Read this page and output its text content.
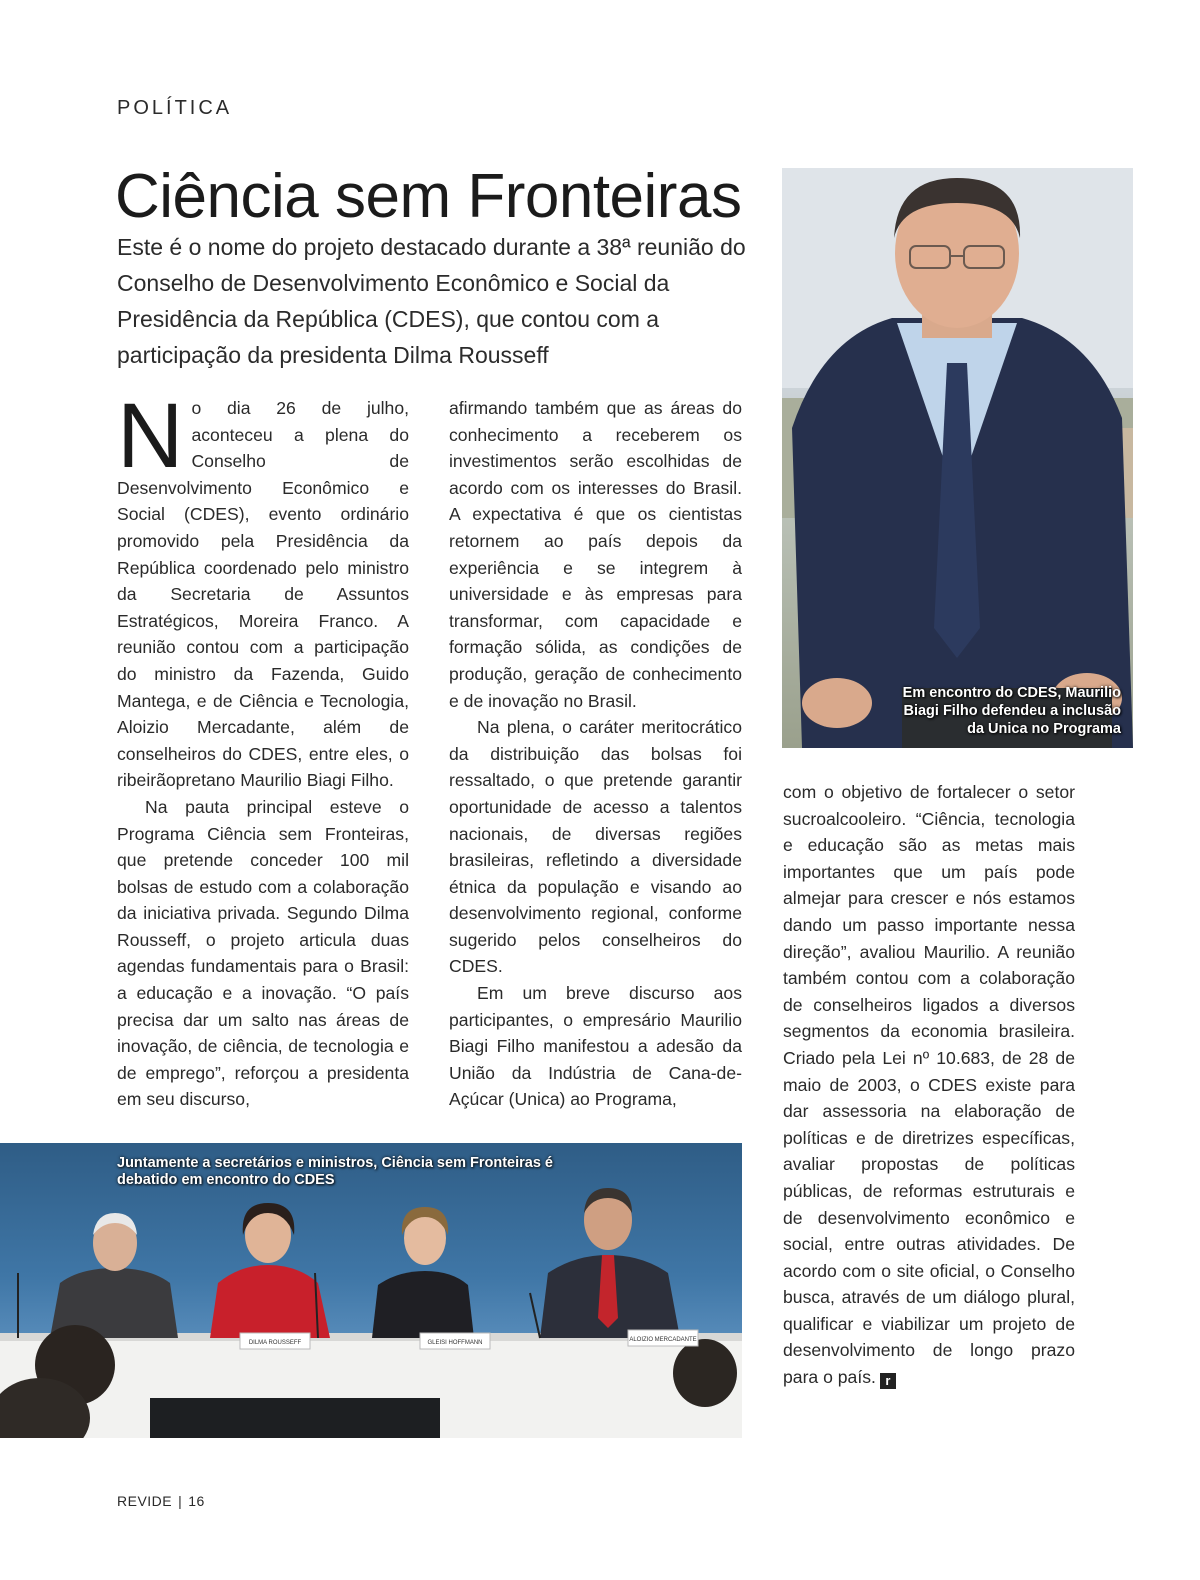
POLÍTICA
Ciência sem Fronteiras

Este é o nome do projeto destacado durante a 38ª reunião do Conselho de Desenvolvimento Econômico e Social da Presidência da República (CDES), que contou com a participação da presidenta Dilma Rousseff

No dia 26 de julho, aconteceu a plena do Conselho de Desenvolvimento Econômico e Social (CDES), evento ordinário promovido pela Presidência da República coordenado pelo ministro da Secretaria de Assuntos Estratégicos, Moreira Franco. A reunião contou com a participação do ministro da Fazenda, Guido Mantega, e de Ciência e Tecnologia, Aloizio Mercadante, além de conselheiros do CDES, entre eles, o ribeirãopretano Maurilio Biagi Filho.

Na pauta principal esteve o Programa Ciência sem Fronteiras, que pretende conceder 100 mil bolsas de estudo com a colaboração da iniciativa privada. Segundo Dilma Rousseff, o projeto articula duas agendas fundamentais para o Brasil: a educação e a inovação. “O país precisa dar um salto nas áreas de inovação, de ciência, de tecnologia e de emprego”, reforçou a presidenta em seu discurso,

afirmando também que as áreas do conhecimento a receberem os investimentos serão escolhidas de acordo com os interesses do Brasil. A expectativa é que os cientistas retornem ao país depois da experiência e se integrem à universidade e às empresas para transformar, com capacidade e formação sólida, as condições de produção, geração de conhecimento e de inovação no Brasil.

Na plena, o caráter meritocrático da distribuição das bolsas foi ressaltado, o que pretende garantir oportunidade de acesso a talentos nacionais, de diversas regiões brasileiras, refletindo a diversidade étnica da população e visando ao desenvolvimento regional, conforme sugerido pelos conselheiros do CDES.

Em um breve discurso aos participantes, o empresário Maurilio Biagi Filho manifestou a adesão da União da Indústria de Cana-de-Açúcar (Unica) ao Programa,

com o objetivo de fortalecer o setor sucroalcooleiro. “Ciência, tecnologia e educação são as metas mais importantes que um país pode almejar para crescer e nós estamos dando um passo importante nessa direção”, avaliou Maurilio. A reunião também contou com a colaboração de conselheiros ligados a diversos segmentos da economia brasileira. Criado pela Lei nº 10.683, de 28 de maio de 2003, o CDES existe para dar assessoria na elaboração de políticas e de diretrizes específicas, avaliar propostas de políticas públicas, de reformas estruturais e de desenvolvimento econômico e social, entre outras atividades. De acordo com o site oficial, o Conselho busca, através de um diálogo plural, qualificar e viabilizar um projeto de desenvolvimento de longo prazo para o país. r

Em encontro do CDES, Maurilio Biagi Filho defendeu a inclusão da Unica no Programa
DILMA ROUSSEFF	GLEISI HOFFMANN	ALOIZIO MERCADANTE
Juntamente a secretários e ministros, Ciência sem Fronteiras é debatido em encontro do CDES
REVIDE | 16
